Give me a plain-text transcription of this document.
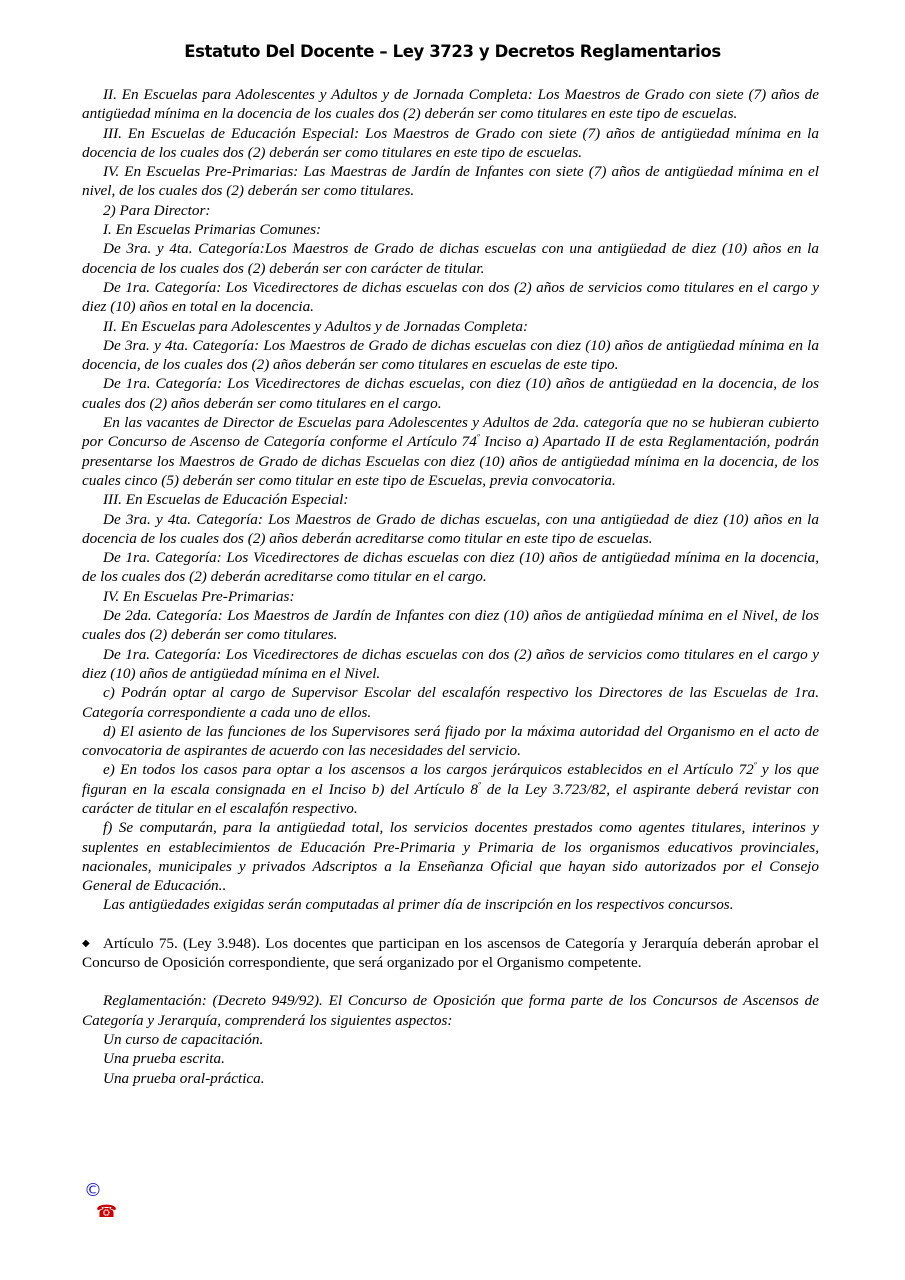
Estatuto Del Docente – Ley 3723 y Decretos Reglamentarios

II. En Escuelas para Adolescentes y Adultos y de Jornada Completa: Los Maestros de Grado con siete (7) años de antigüedad mínima en la docencia de los cuales dos (2) deberán ser como titulares en este tipo de escuelas.

III. En Escuelas de Educación Especial: Los Maestros de Grado con siete (7) años de antigüedad mínima en la docencia de los cuales dos (2) deberán ser como titulares en este tipo de escuelas.

IV. En Escuelas Pre-Primarias: Las Maestras de Jardín de Infantes con siete (7) años de antigüedad mínima en el nivel, de los cuales dos (2) deberán ser como titulares.

2) Para Director:

I. En Escuelas Primarias Comunes:

De 3ra. y 4ta. Categoría:Los Maestros de Grado de dichas escuelas con una antigüedad de diez (10) años en la docencia de los cuales dos (2) deberán ser con carácter de titular.

De 1ra. Categoría: Los Vicedirectores de dichas escuelas con dos (2) años de servicios como titulares en el cargo y diez (10) años en total en la docencia.

II. En Escuelas para Adolescentes y Adultos y de Jornadas Completa:

De 3ra. y 4ta. Categoría: Los Maestros de Grado de dichas escuelas con diez (10) años de antigüedad mínima en la docencia, de los cuales dos (2) años deberán ser como titulares en escuelas de este tipo.

De 1ra. Categoría: Los Vicedirectores de dichas escuelas, con diez (10) años de antigüedad en la docencia, de los cuales dos (2) años deberán ser como titulares en el cargo.

En las vacantes de Director de Escuelas para Adolescentes y Adultos de 2da. categoría que no se hubieran cubierto por Concurso de Ascenso de Categoría conforme el Artículo $74^º$ Inciso a) Apartado II de esta Reglamentación, podrán presentarse los Maestros de Grado de dichas Escuelas con diez (10) años de antigüedad mínima en la docencia, de los cuales cinco (5) deberán ser como titular en este tipo de Escuelas, previa convocatoria.

III. En Escuelas de Educación Especial:

De 3ra. y 4ta. Categoría: Los Maestros de Grado de dichas escuelas, con una antigüedad de diez (10) años en la docencia de los cuales dos (2) años deberán acreditarse como titular en este tipo de escuelas.

De 1ra. Categoría: Los Vicedirectores de dichas escuelas con diez (10) años de antigüedad mínima en la docencia, de los cuales dos (2) deberán acreditarse como titular en el cargo.

IV. En Escuelas Pre-Primarias:

De 2da. Categoría: Los Maestros de Jardín de Infantes con diez (10) años de antigüedad mínima en el Nivel, de los cuales dos (2) deberán ser como titulares.

De 1ra. Categoría: Los Vicedirectores de dichas escuelas con dos (2) años de servicios como titulares en el cargo y diez (10) años de antigüedad mínima en el Nivel.

c) Podrán optar al cargo de Supervisor Escolar del escalafón respectivo los Directores de las Escuelas de 1ra. Categoría correspondiente a cada uno de ellos.

d) El asiento de las funciones de los Supervisores será fijado por la máxima autoridad del Organismo en el acto de convocatoria de aspirantes de acuerdo con las necesidades del servicio.

e) En todos los casos para optar a los ascensos a los cargos jerárquicos establecidos en el Artículo $72^º$ y los que figuran en la escala consignada en el Inciso b) del Artículo $8^º$ de la Ley 3.723/82, el aspirante deberá revistar con carácter de titular en el escalafón respectivo.

f) Se computarán, para la antigüedad total, los servicios docentes prestados como agentes titulares, interinos y suplentes en establecimientos de Educación Pre-Primaria y Primaria de los organismos educativos provinciales, nacionales, municipales y privados Adscriptos a la Enseñanza Oficial que hayan sido autorizados por el Consejo General de Educación..

Las antigüedades exigidas serán computadas al primer día de inscripción en los respectivos concursos.

◆ Artículo 75. (Ley 3.948). Los docentes que participan en los ascensos de Categoría y Jerarquía deberán aprobar el Concurso de Oposición correspondiente, que será organizado por el Organismo competente.

Reglamentación: (Decreto 949/92). El Concurso de Oposición que forma parte de los Concursos de Ascensos de Categoría y Jerarquía, comprenderá los siguientes aspectos:

Un curso de capacitación.

Una prueba escrita.

Una prueba oral-práctica.

©
☎
